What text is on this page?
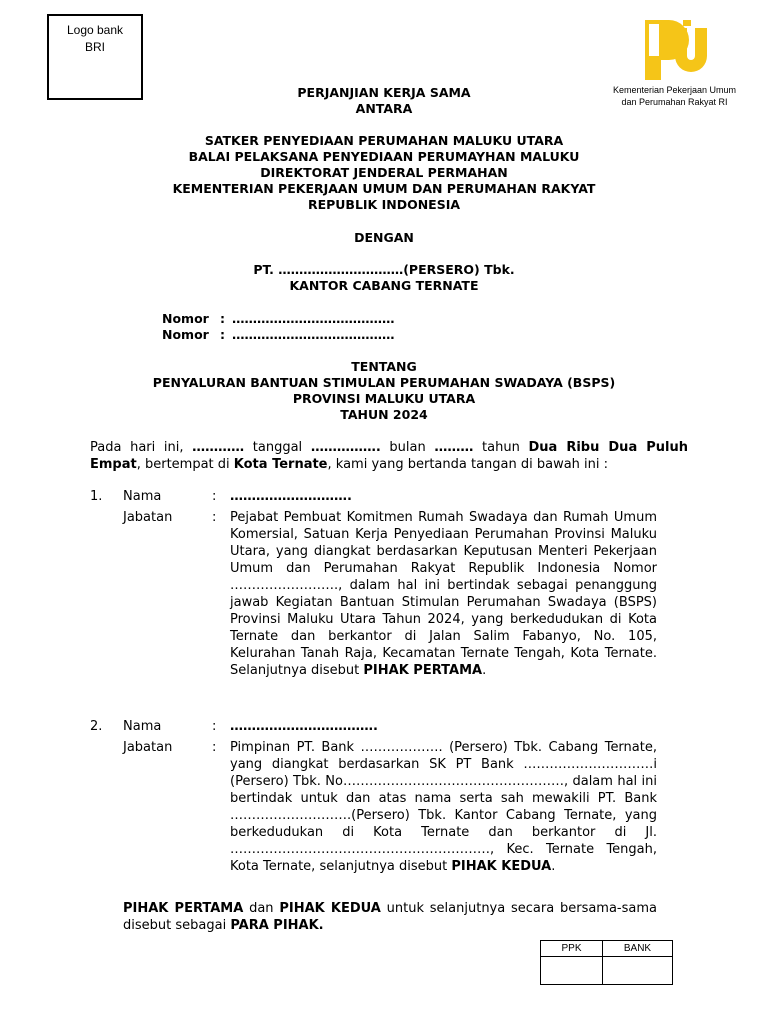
Logo bank
BRI
Kementerian Pekerjaan Umum
dan Perumahan Rakyat RI
PERJANJIAN KERJA SAMA
ANTARA
SATKER PENYEDIAAN PERUMAHAN MALUKU UTARA
BALAI PELAKSANA PENYEDIAAN PERUMAYHAN MALUKU
DIREKTORAT JENDERAL PERMAHAN
KEMENTERIAN PEKERJAAN UMUM DAN PERUMAHAN RAKYAT
REPUBLIK INDONESIA
DENGAN
PT. …………………………(PERSERO) Tbk.
KANTOR CABANG TERNATE
Nomor : …………………………………
Nomor : …………………………………
TENTANG
PENYALURAN BANTUAN STIMULAN PERUMAHAN SWADAYA (BSPS)
PROVINSI MALUKU UTARA
TAHUN 2024
Pada hari ini, ………… tanggal ……………. bulan ……… tahun Dua Ribu Dua Puluh Empat, bertempat di Kota Ternate, kami yang bertanda tangan di bawah ini :
1. Nama	: ……………………….
Jabatan	: Pejabat Pembuat Komitmen Rumah Swadaya dan Rumah Umum Komersial, Satuan Kerja Penyediaan Perumahan Provinsi Maluku Utara, yang diangkat berdasarkan Keputusan Menteri Pekerjaan Umum dan Perumahan Rakyat Republik Indonesia Nomor ……………………., dalam hal ini bertindak sebagai penanggung jawab Kegiatan Bantuan Stimulan Perumahan Swadaya (BSPS) Provinsi Maluku Utara Tahun 2024, yang berkedudukan di Kota Ternate dan berkantor di Jalan Salim Fabanyo, No. 105, Kelurahan Tanah Raja, Kecamatan Ternate Tengah, Kota Ternate. Selanjutnya disebut PIHAK PERTAMA.
2. Nama	: …………………………….
Jabatan	: Pimpinan PT. Bank ………………. (Persero) Tbk. Cabang Ternate, yang diangkat berdasarkan SK PT Bank …………………………i (Persero) Tbk. No……………………………………………, dalam hal ini bertindak untuk dan atas nama serta sah mewakili PT. Bank ……………………….(Persero) Tbk. Kantor Cabang Ternate, yang berkedudukan di Kota Ternate dan berkantor di Jl. ……………………………………………………, Kec. Ternate Tengah, Kota Ternate, selanjutnya disebut PIHAK KEDUA.
PIHAK PERTAMA dan PIHAK KEDUA untuk selanjutnya secara bersama-sama disebut sebagai PARA PIHAK.
PPK	BANK
